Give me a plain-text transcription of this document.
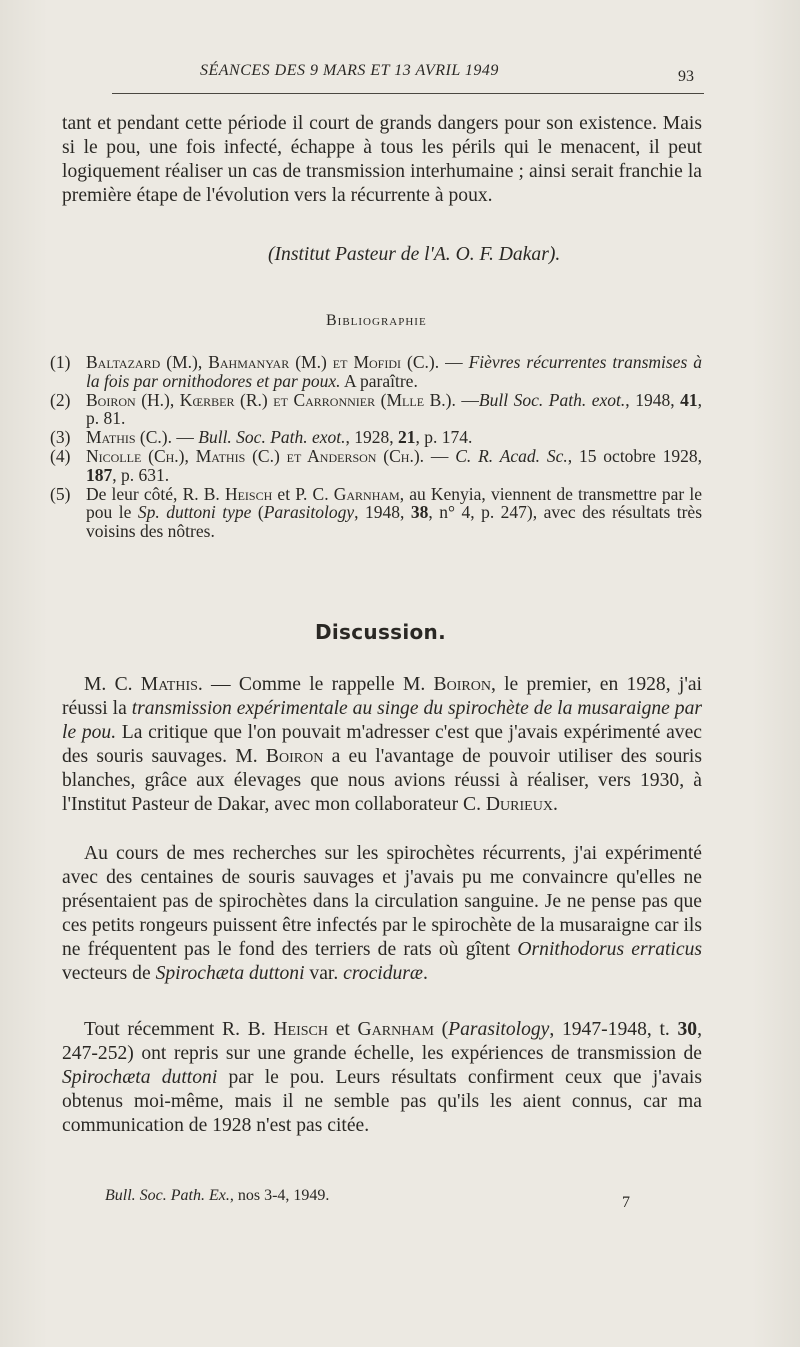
SÉANCES DES 9 MARS ET 13 AVRIL 1949	93
tant et pendant cette période il court de grands dangers pour son existence. Mais si le pou, une fois infecté, échappe à tous les périls qui le menacent, il peut logiquement réaliser un cas de transmission interhumaine ; ainsi serait franchie la première étape de l'évolution vers la récurrente à poux.
(Institut Pasteur de l'A. O. F. Dakar).
Bibliographie
(1) Baltazard (M.), Bahmanyar (M.) et Mofidi (C.). — Fièvres récurrentes transmises à la fois par ornithodores et par poux. A paraître.
(2) Boiron (H.), Kœrber (R.) et Carronnier (Mlle B.). —Bull Soc. Path. exot., 1948, 41, p. 81.
(3) Mathis (C.). — Bull. Soc. Path. exot., 1928, 21, p. 174.
(4) Nicolle (Ch.), Mathis (C.) et Anderson (Ch.). — C. R. Acad. Sc., 15 octobre 1928, 187, p. 631.
(5) De leur côté, R. B. Heisch et P. C. Garnham, au Kenyia, viennent de transmettre par le pou le Sp. duttoni type (Parasitology, 1948, 38, n° 4, p. 247), avec des résultats très voisins des nôtres.
Discussion.
M. C. Mathis. — Comme le rappelle M. Boiron, le premier, en 1928, j'ai réussi la transmission expérimentale au singe du spirochète de la musaraigne par le pou. La critique que l'on pouvait m'adresser c'est que j'avais expérimenté avec des souris sauvages. M. Boiron a eu l'avantage de pouvoir utiliser des souris blanches, grâce aux élevages que nous avions réussi à réaliser, vers 1930, à l'Institut Pasteur de Dakar, avec mon collaborateur C. Durieux.
Au cours de mes recherches sur les spirochètes récurrents, j'ai expérimenté avec des centaines de souris sauvages et j'avais pu me convaincre qu'elles ne présentaient pas de spirochètes dans la circulation sanguine. Je ne pense pas que ces petits rongeurs puissent être infectés par le spirochète de la musaraigne car ils ne fréquentent pas le fond des terriers de rats où gîtent Ornithodorus erraticus vecteurs de Spirochæta duttoni var. crociduræ.
Tout récemment R. B. Heisch et Garnham (Parasitology, 1947-1948, t. 30, 247-252) ont repris sur une grande échelle, les expériences de transmission de Spirochæta duttoni par le pou. Leurs résultats confirment ceux que j'avais obtenus moi-même, mais il ne semble pas qu'ils les aient connus, car ma communication de 1928 n'est pas citée.
Bull. Soc. Path. Ex., nos 3-4, 1949.	7
